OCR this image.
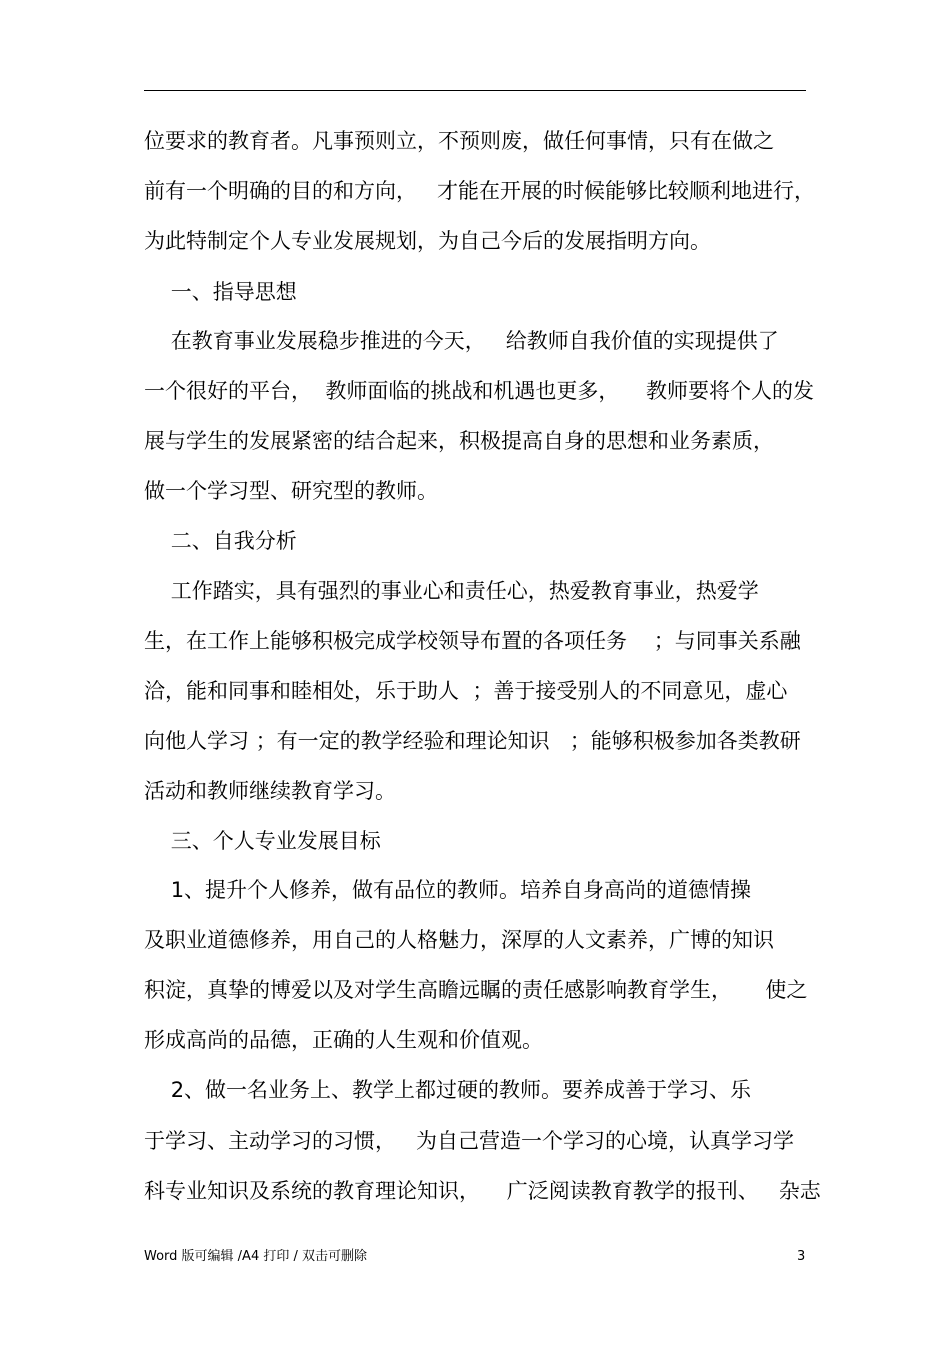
位要求的教育者。凡事预则立，不预则废，做任何事情，只有在做之
前有一个明确的目的和方向，   才能在开展的时候能够比较顺利地进行，
为此特制定个人专业发展规划，为自己今后的发展指明方向。
一、指导思想
在教育事业发展稳步推进的今天，   给教师自我价值的实现提供了
一个很好的平台，  教师面临的挑战和机遇也更多，    教师要将个人的发
展与学生的发展紧密的结合起来，积极提高自身的思想和业务素质，
做一个学习型、研究型的教师。
二、自我分析
工作踏实，具有强烈的事业心和责任心，热爱教育事业，热爱学
生，在工作上能够积极完成学校领导布置的各项任务    ；与同事关系融
洽，能和同事和睦相处，乐于助人  ；善于接受别人的不同意见，虚心
向他人学习 ；有一定的教学经验和理论知识   ；能够积极参加各类教研
活动和教师继续教育学习。
三、个人专业发展目标
1、提升个人修养，做有品位的教师。培养自身高尚的道德情操
及职业道德修养，用自己的人格魅力，深厚的人文素养，广博的知识
积淀，真挚的博爱以及对学生高瞻远瞩的责任感影响教育学生，     使之
形成高尚的品德，正确的人生观和价值观。
2、做一名业务上、教学上都过硬的教师。要养成善于学习、乐
于学习、主动学习的习惯，   为自己营造一个学习的心境，认真学习学
科专业知识及系统的教育理论知识，    广泛阅读教育教学的报刊、   杂志
Word 版可编辑 /A4 打印 / 双击可删除	3
